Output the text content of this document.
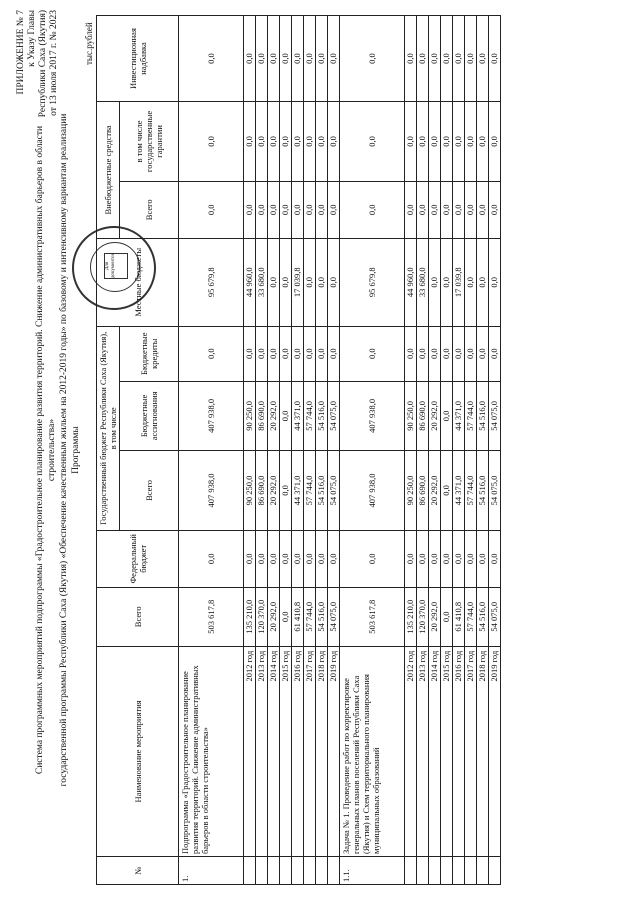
ПРИЛОЖЕНИЕ № 7 к Указу Главы Республики Саха (Якутия) от 13 июля 2017 г. № 2023
Для документов
Система программных мероприятий подпрограммы «Градостроительное планирование развития территорий. Снижение административных барьеров в области строительства» государственной программы Республики Саха (Якутия) «Обеспечение качественным жильем на 2012-2019 годы» по базовому и интенсивному вариантам реализации Программы
тыс.рублей
№	Наименование мероприятия	Всего	Федеральный бюджет	Государственный бюджет Республики Саха (Якутия), в том числе			Местные бюджеты	Внебюджетные средства		Инвестиционная надбавка
				Всего	Бюджетные ассигнования	Бюджетные кредиты		Всего	в том числе государственные гарантии	
1.	Подпрограмма «Градостроительное планирование развития территорий. Снижение административных барьеров в области строительства»	503 617,8	0,0	407 938,0	407 938,0	0,0	95 679,8	0,0	0,0	0,0
	2012 год	135 210,0	0,0	90 250,0	90 250,0	0,0	44 960,0	0,0	0,0	0,0
	2013 год	120 370,0	0,0	86 690,0	86 690,0	0,0	33 680,0	0,0	0,0	0,0
	2014 год	20 292,0	0,0	20 292,0	20 292,0	0,0	0,0	0,0	0,0	0,0
	2015 год	0,0	0,0	0,0	0,0	0,0	0,0	0,0	0,0	0,0
	2016 год	61 410,8	0,0	44 371,0	44 371,0	0,0	17 039,8	0,0	0,0	0,0
	2017 год	57 744,0	0,0	57 744,0	57 744,0	0,0	0,0	0,0	0,0	0,0
	2018 год	54 516,0	0,0	54 516,0	54 516,0	0,0	0,0	0,0	0,0	0,0
	2019 год	54 075,0	0,0	54 075,0	54 075,0	0,0	0,0	0,0	0,0	0,0
1.1.	Задача № 1. Проведение работ по корректировке генеральных планов поселений Республики Саха (Якутия) и Схем территориального планирования муниципальных образований	503 617,8	0,0	407 938,0	407 938,0	0,0	95 679,8	0,0	0,0	0,0
	2012 год	135 210,0	0,0	90 250,0	90 250,0	0,0	44 960,0	0,0	0,0	0,0
	2013 год	120 370,0	0,0	86 690,0	86 690,0	0,0	33 680,0	0,0	0,0	0,0
	2014 год	20 292,0	0,0	20 292,0	20 292,0	0,0	0,0	0,0	0,0	0,0
	2015 год	0,0	0,0	0,0	0,0	0,0	0,0	0,0	0,0	0,0
	2016 год	61 410,8	0,0	44 371,0	44 371,0	0,0	17 039,8	0,0	0,0	0,0
	2017 год	57 744,0	0,0	57 744,0	57 744,0	0,0	0,0	0,0	0,0	0,0
	2018 год	54 516,0	0,0	54 516,0	54 516,0	0,0	0,0	0,0	0,0	0,0
	2019 год	54 075,0	0,0	54 075,0	54 075,0	0,0	0,0	0,0	0,0	0,0
